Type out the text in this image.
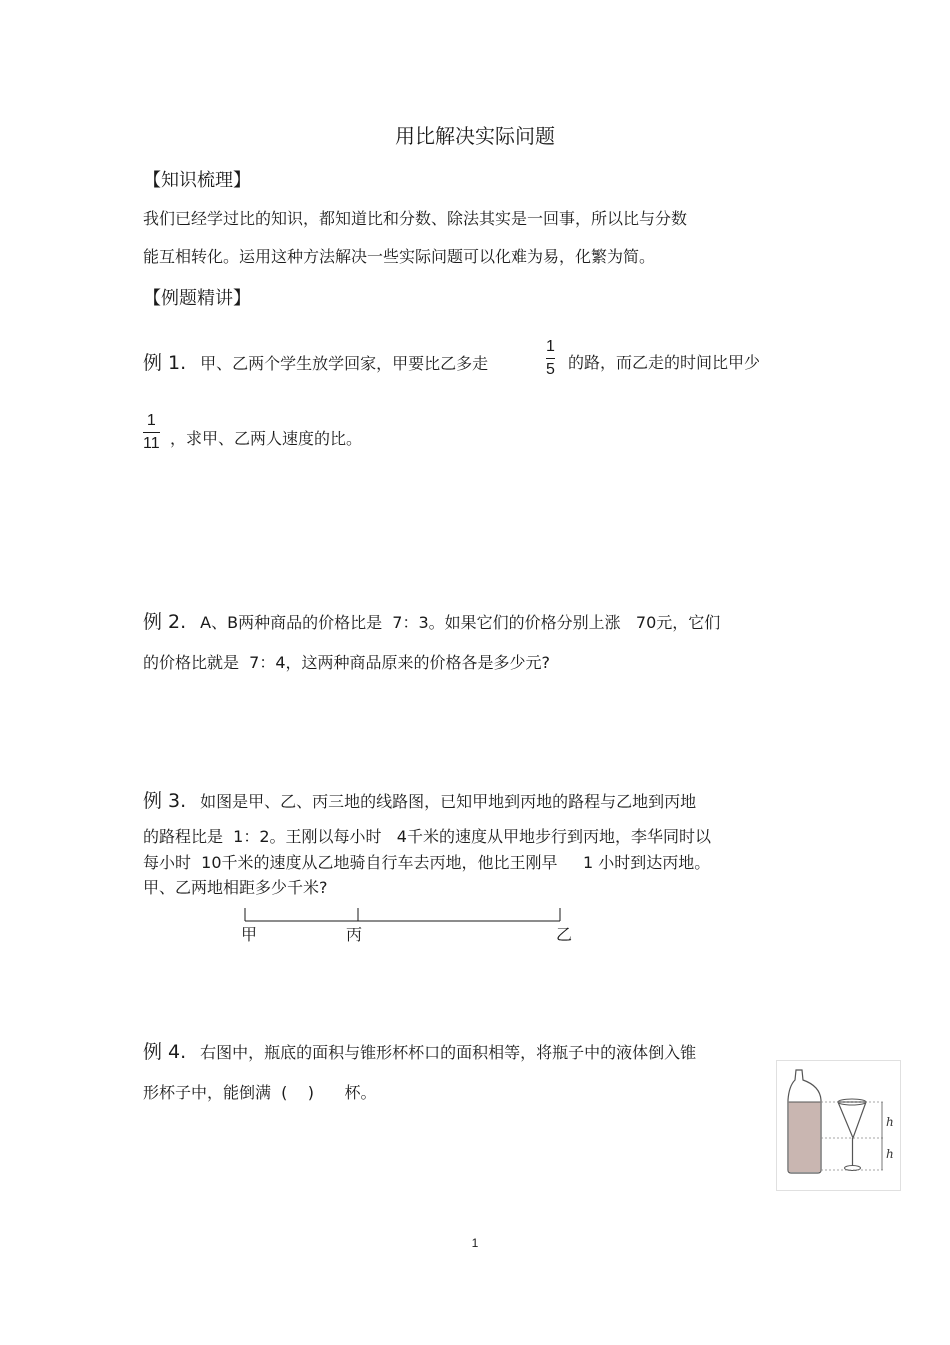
用比解决实际问题
【知识梳理】
我们已经学过比的知识，都知道比和分数、除法其实是一回事，所以比与分数
能互相转化。运用这种方法解决一些实际问题可以化难为易，化繁为简。
【例题精讲】
例 1. 甲、乙两个学生放学回家，甲要比乙多走
1
5 的路，而乙走的时间比甲少
1
11 ，求甲、乙两人速度的比。
例 2. A、B两种商品的价格比是  7：3。如果它们的价格分别上涨   70元，它们
的价格比就是  7：4，这两种商品原来的价格各是多少元?
例 3. 如图是甲、乙、丙三地的线路图，已知甲地到丙地的路程与乙地到丙地
的路程比是  1：2。王刚以每小时   4千米的速度从甲地步行到丙地，李华同时以
每小时  10千米的速度从乙地骑自行车去丙地，他比王刚早     1 小时到达丙地。
甲、乙两地相距多少千米?
甲	丙	乙
例 4. 右图中，瓶底的面积与锥形杯杯口的面积相等，将瓶子中的液体倒入锥
形杯子中，能倒满  (    )      杯。
h
h
1
